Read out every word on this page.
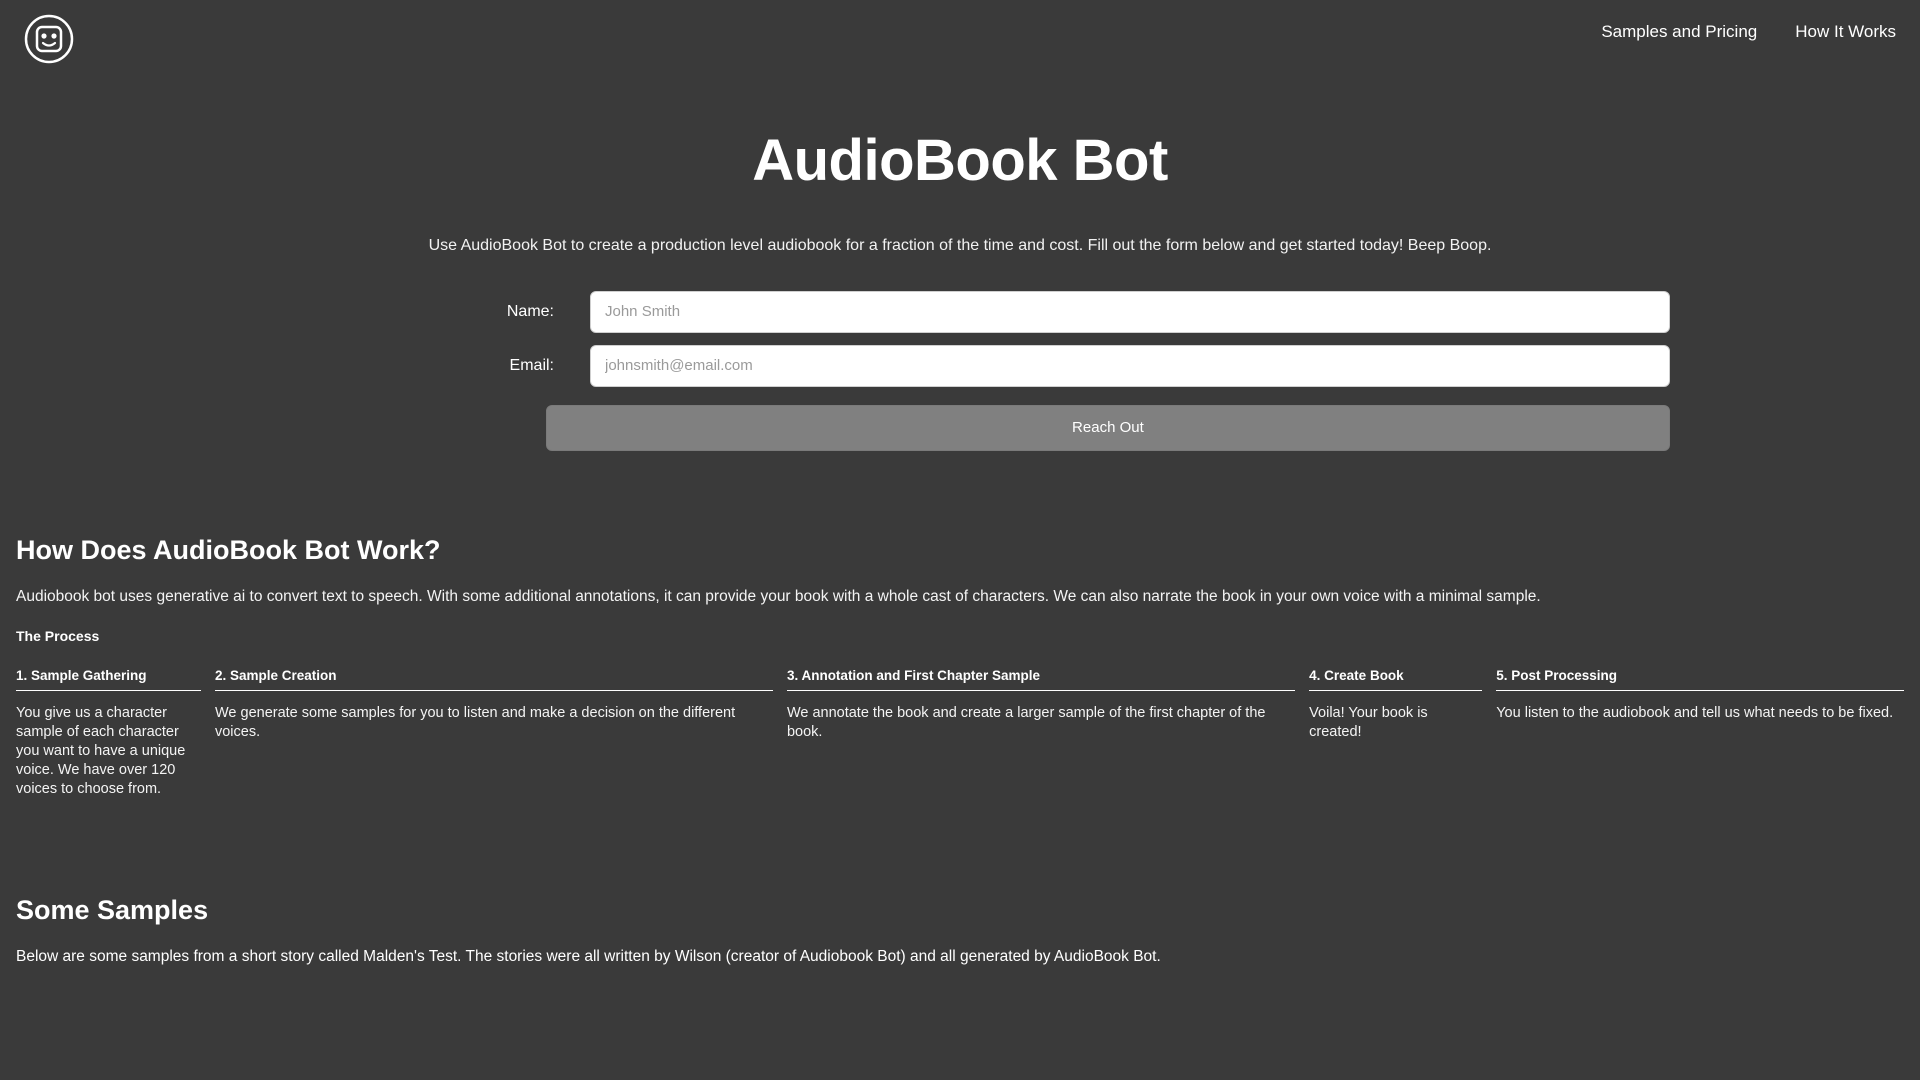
Samples and Pricing How It Works
AudioBook Bot

Use AudioBook Bot to create a production level audiobook for a fraction of the time and cost. Fill out the form below and get started today! Beep Boop.

Name:
John Smith
Email:
johnsmith@email.com
Reach Out
How Does AudioBook Bot Work?

Audiobook bot uses generative ai to convert text to speech. With some additional annotations, it can provide your book with a whole cast of characters. We can also narrate the book in your own voice with a minimal sample.

The Process

1. Sample Gathering
You give us a character sample of each character you want to have a unique voice. We have over 120 voices to choose from.
2. Sample Creation
We generate some samples for you to listen and make a decision on the different voices.
3. Annotation and First Chapter Sample
We annotate the book and create a larger sample of the first chapter of the book.
4. Create Book
Voila! Your book is created!
5. Post Processing
You listen to the audiobook and tell us what needs to be fixed.
Some Samples

Below are some samples from a short story called Malden's Test. The stories were all written by Wilson (creator of Audiobook Bot) and all generated by AudioBook Bot.
